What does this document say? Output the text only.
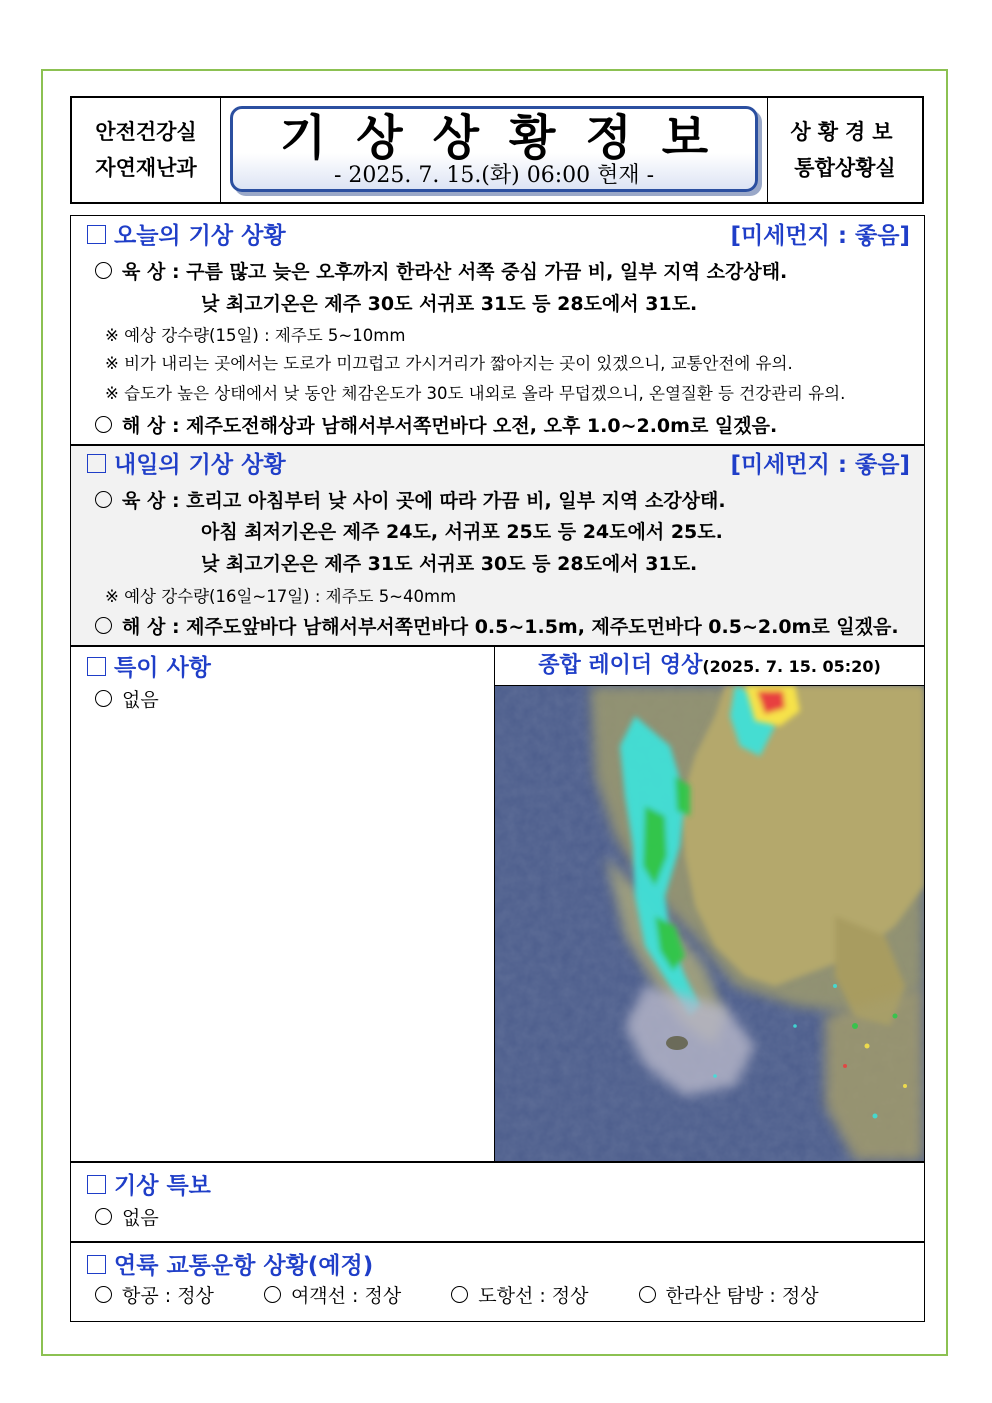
안전건강실
자연재난과
기상상황정보
- 2025. 7. 15.(화) 06:00 현재 -
상황경보
통합상황실
오늘의 기상 상황	[미세먼지 : 좋음]
육 상 : 구름 많고 늦은 오후까지 한라산 서쪽 중심 가끔 비, 일부 지역 소강상태.
낮 최고기온은 제주 30도 서귀포 31도 등 28도에서 31도.
※ 예상 강수량(15일) : 제주도 5~10mm
※ 비가 내리는 곳에서는 도로가 미끄럽고 가시거리가 짧아지는 곳이 있겠으니, 교통안전에 유의.
※ 습도가 높은 상태에서 낮 동안 체감온도가 30도 내외로 올라 무덥겠으니, 온열질환 등 건강관리 유의.
해 상 : 제주도전해상과 남해서부서쪽먼바다 오전, 오후 1.0~2.0m로 일겠음.
내일의 기상 상황	[미세먼지 : 좋음]
육 상 : 흐리고 아침부터 낮 사이 곳에 따라 가끔 비, 일부 지역 소강상태.
아침 최저기온은 제주 24도, 서귀포 25도 등 24도에서 25도.
낮 최고기온은 제주 31도 서귀포 30도 등 28도에서 31도.
※ 예상 강수량(16일~17일) : 제주도 5~40mm
해 상 : 제주도앞바다 남해서부서쪽먼바다 0.5~1.5m, 제주도먼바다 0.5~2.0m로 일겠음.
특이 사항
없음
종합 레이더 영상(2025. 7. 15. 05:20)
기상 특보
없음
연륙 교통운항 상황(예정)
항공 : 정상	여객선 : 정상	도항선 : 정상	한라산 탐방 : 정상
